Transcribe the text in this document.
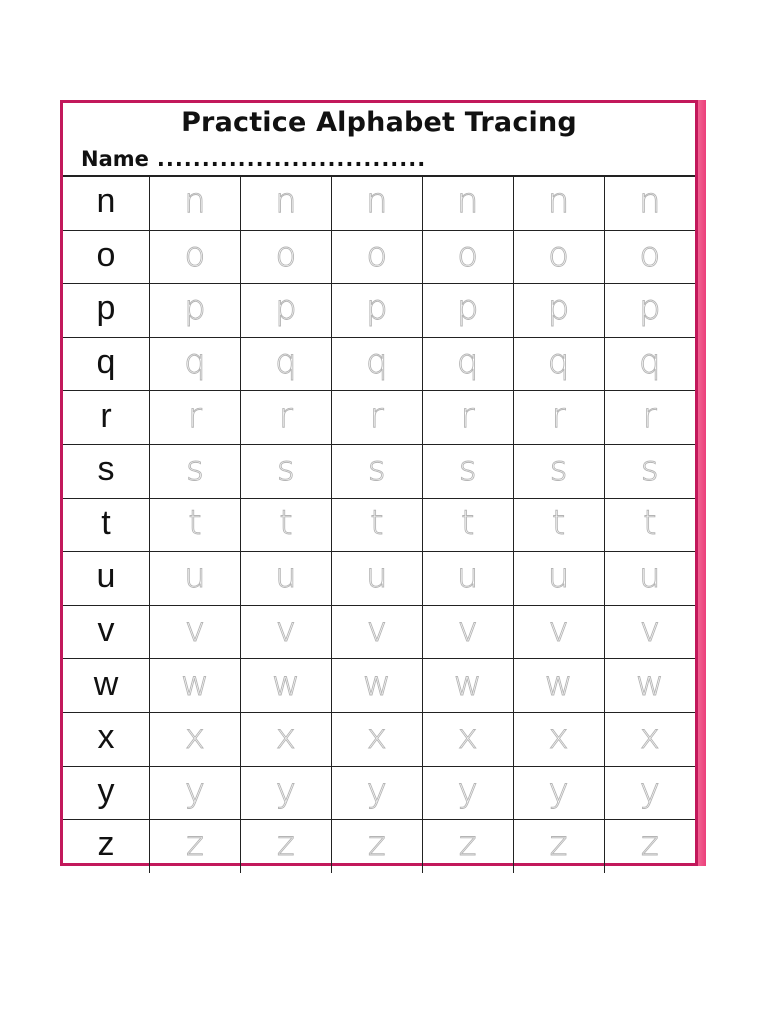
Practice Alphabet Tracing
Name ..............................
n	n	n	n	n	n	n
o	o	o	o	o	o	o
p	p	p	p	p	p	p
q	q	q	q	q	q	q
r	r	r	r	r	r	r
s	s	s	s	s	s	s
t	t	t	t	t	t	t
u	u	u	u	u	u	u
v	v	v	v	v	v	v
w	w	w	w	w	w	w
x	x	x	x	x	x	x
y	y	y	y	y	y	y
z	z	z	z	z	z	z
